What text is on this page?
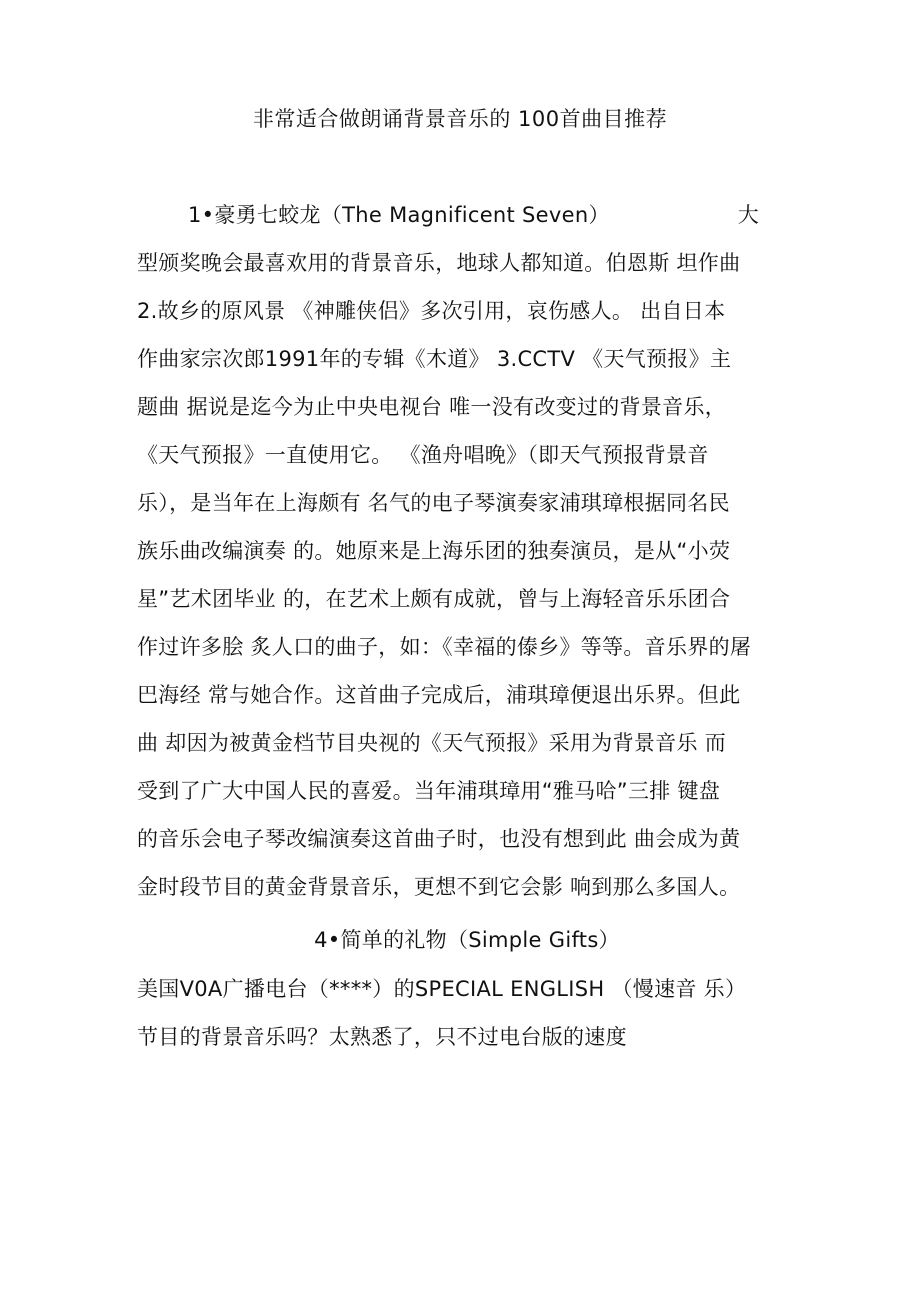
非常适合做朗诵背景音乐的 100首曲目推荐
1•豪勇七蛟龙（The Magnificent Seven）	大
型颁奖晚会最喜欢用的背景音乐，地球人都知道。伯恩斯 坦作曲
2.故乡的原风景 《神雕侠侣》多次引用，哀伤感人。 出自日本
作曲家宗次郎1991年的专辑《木道》 3.CCTV 《天气预报》主
题曲 据说是迄今为止中央电视台 唯一没有改变过的背景音乐，
《天气预报》一直使用它。 《渔舟唱晚》（即天气预报背景音
乐），是当年在上海颇有 名气的电子琴演奏家浦琪璋根据同名民
族乐曲改编演奏 的。她原来是上海乐团的独奏演员，是从“小荧
星”艺术团毕业 的，在艺术上颇有成就，曾与上海轻音乐乐团合
作过许多脍 炙人口的曲子，如：《幸福的傣乡》等等。音乐界的屠
巴海经 常与她合作。这首曲子完成后，浦琪璋便退出乐界。但此
曲 却因为被黄金档节目央视的《天气预报》采用为背景音乐 而
受到了广大中国人民的喜爱。当年浦琪璋用“雅马哈”三排 键盘
的音乐会电子琴改编演奏这首曲子时，也没有想到此 曲会成为黄
金时段节目的黄金背景音乐，更想不到它会影 响到那么多国人。
4•简单的礼物（Simple Gifts）
美国V0A广播电台（****）的SPECIAL ENGLISH （慢速音 乐）
节目的背景音乐吗？太熟悉了，只不过电台版的速度
